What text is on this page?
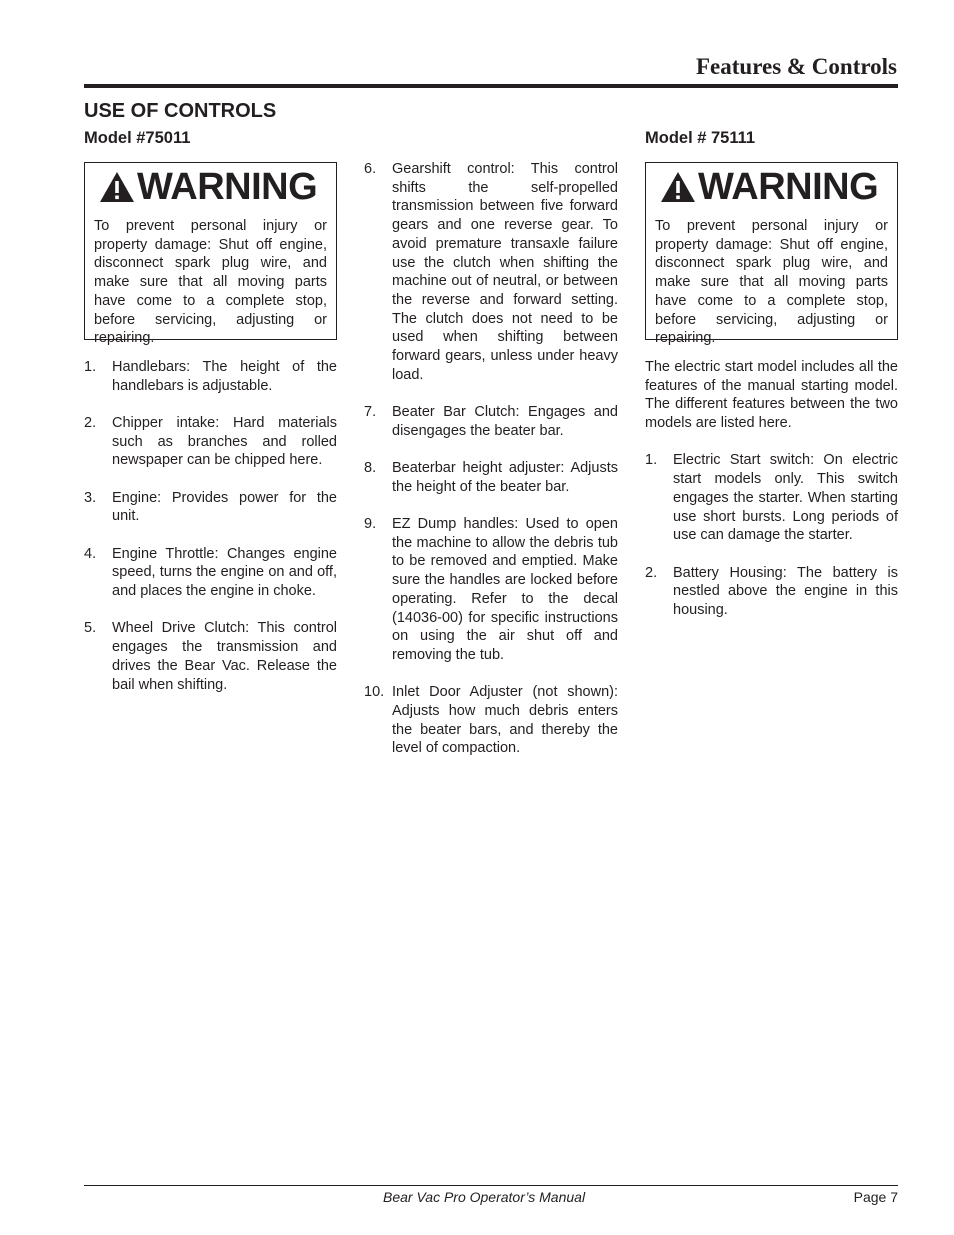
Features & Controls
USE OF CONTROLS
Model #75011	Model # 75111
WARNING
To prevent personal injury or property damage: Shut off engine, disconnect spark plug wire, and make sure that all moving parts have come to a complete stop, before servicing, adjusting or repairing.
1. Handlebars: The height of the handlebars is adjustable.
2. Chipper intake: Hard materials such as branches and rolled newspaper can be chipped here.
3. Engine: Provides power for the unit.
4. Engine Throttle: Changes engine speed, turns the engine on and off, and places the engine in choke.
5. Wheel Drive Clutch: This control engages the transmission and drives the Bear Vac. Release the bail when shifting.
6. Gearshift control: This control shifts the self-propelled transmission between five forward gears and one reverse gear. To avoid premature transaxle failure use the clutch when shifting the machine out of neutral, or between the reverse and forward setting. The clutch does not need to be used when shifting between forward gears, unless under heavy load.
7. Beater Bar Clutch: Engages and disengages the beater bar.
8. Beaterbar height adjuster: Adjusts the height of the beater bar.
9. EZ Dump handles: Used to open the machine to allow the debris tub to be removed and emptied. Make sure the handles are locked before operating. Refer to the decal (14036-00) for specific instructions on using the air shut off and removing the tub.
10. Inlet Door Adjuster (not shown): Adjusts how much debris enters the beater bars, and thereby the level of compaction.
WARNING
To prevent personal injury or property damage: Shut off engine, disconnect spark plug wire, and make sure that all moving parts have come to a complete stop, before servicing, adjusting or repairing.
The electric start model includes all the features of the manual starting model. The different features between the two models are listed here.
1. Electric Start switch: On electric start models only. This switch engages the starter. When starting use short bursts. Long periods of use can damage the starter.
2. Battery Housing: The battery is nestled above the engine in this housing.
Bear Vac Pro Operator’s Manual	Page 7
